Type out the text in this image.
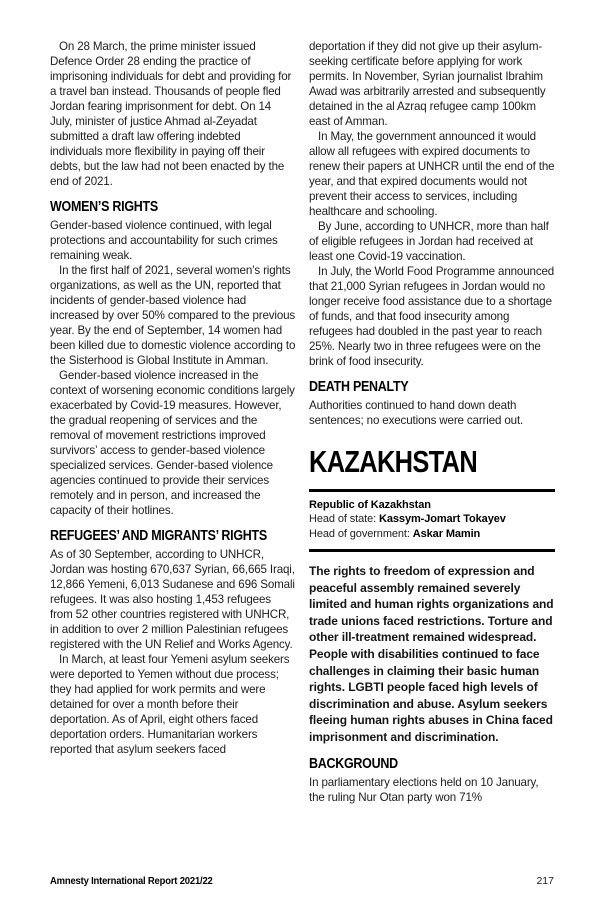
On 28 March, the prime minister issued Defence Order 28 ending the practice of imprisoning individuals for debt and providing for a travel ban instead. Thousands of people fled Jordan fearing imprisonment for debt. On 14 July, minister of justice Ahmad al-Zeyadat submitted a draft law offering indebted individuals more flexibility in paying off their debts, but the law had not been enacted by the end of 2021.

WOMEN’S RIGHTS

Gender-based violence continued, with legal protections and accountability for such crimes remaining weak.

In the first half of 2021, several women’s rights organizations, as well as the UN, reported that incidents of gender-based violence had increased by over 50% compared to the previous year. By the end of September, 14 women had been killed due to domestic violence according to the Sisterhood is Global Institute in Amman.

Gender-based violence increased in the context of worsening economic conditions largely exacerbated by Covid-19 measures. However, the gradual reopening of services and the removal of movement restrictions improved survivors’ access to gender-based violence specialized services. Gender-based violence agencies continued to provide their services remotely and in person, and increased the capacity of their hotlines.

REFUGEES’ AND MIGRANTS’ RIGHTS

As of 30 September, according to UNHCR, Jordan was hosting 670,637 Syrian, 66,665 Iraqi, 12,866 Yemeni, 6,013 Sudanese and 696 Somali refugees. It was also hosting 1,453 refugees from 52 other countries registered with UNHCR, in addition to over 2 million Palestinian refugees registered with the UN Relief and Works Agency.

In March, at least four Yemeni asylum seekers were deported to Yemen without due process; they had applied for work permits and were detained for over a month before their deportation. As of April, eight others faced deportation orders. Humanitarian workers reported that asylum seekers faced

deportation if they did not give up their asylum-seeking certificate before applying for work permits. In November, Syrian journalist Ibrahim Awad was arbitrarily arrested and subsequently detained in the al Azraq refugee camp 100km east of Amman.

In May, the government announced it would allow all refugees with expired documents to renew their papers at UNHCR until the end of the year, and that expired documents would not prevent their access to services, including healthcare and schooling.

By June, according to UNHCR, more than half of eligible refugees in Jordan had received at least one Covid-19 vaccination.

In July, the World Food Programme announced that 21,000 Syrian refugees in Jordan would no longer receive food assistance due to a shortage of funds, and that food insecurity among refugees had doubled in the past year to reach 25%. Nearly two in three refugees were on the brink of food insecurity.

DEATH PENALTY

Authorities continued to hand down death sentences; no executions were carried out.

KAZAKHSTAN
Republic of Kazakhstan
Head of state: Kassym-Jomart Tokayev
Head of government: Askar Mamin

The rights to freedom of expression and peaceful assembly remained severely limited and human rights organizations and trade unions faced restrictions. Torture and other ill-treatment remained widespread. People with disabilities continued to face challenges in claiming their basic human rights. LGBTI people faced high levels of discrimination and abuse. Asylum seekers fleeing human rights abuses in China faced imprisonment and discrimination.

BACKGROUND

In parliamentary elections held on 10 January, the ruling Nur Otan party won 71%

Amnesty International Report 2021/22	217
